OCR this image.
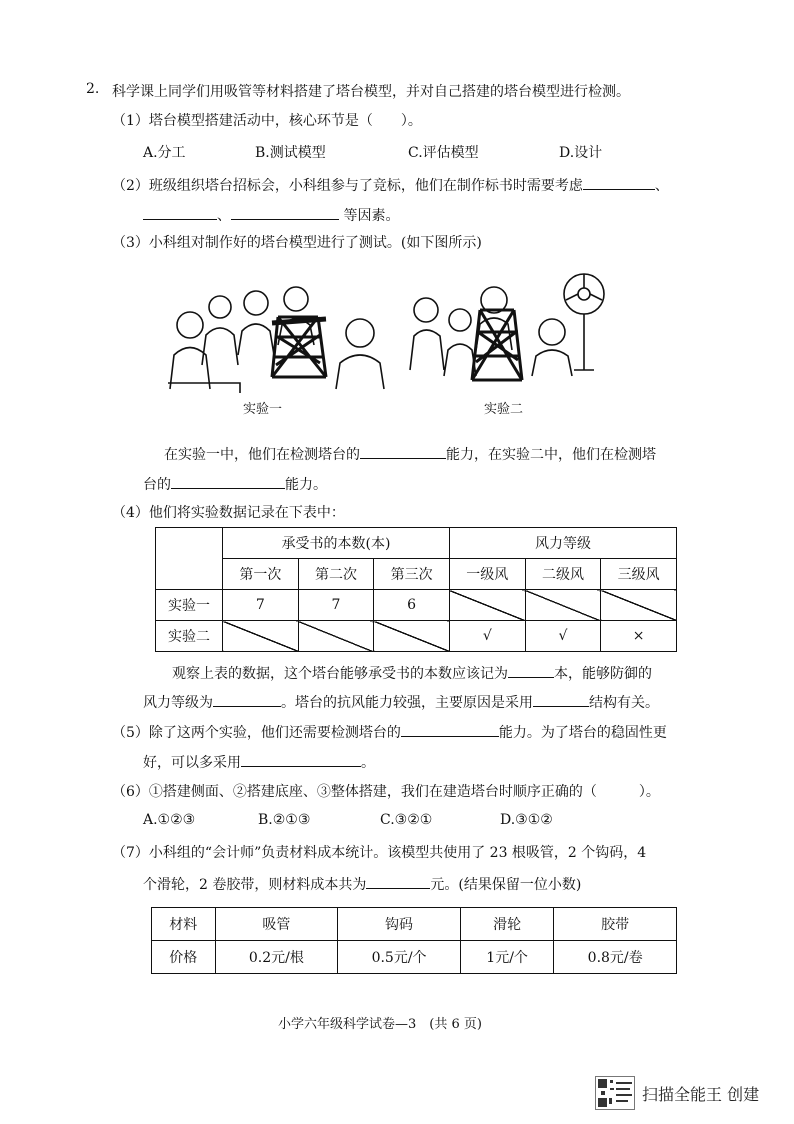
2. 科学课上同学们用吸管等材料搭建了塔台模型，并对自己搭建的塔台模型进行检测。
（1）塔台模型搭建活动中，核心环节是（　　）。
A.分工	B.测试模型	C.评估模型	D.设计
（2）班级组织塔台招标会，小科组参与了竞标，他们在制作标书时需要考虑	、
、	等因素。
（3）小科组对制作好的塔台模型进行了测试。(如下图所示)
实验一	实验二
在实验一中，他们在检测塔台的	能力，在实验二中，他们在检测塔
台的	能力。
（4）他们将实验数据记录在下表中：
	承受书的本数(本)			风力等级		
	第一次	第二次	第三次	一级风	二级风	三级风
实验一	7	7	6			
实验二				√	√	×
观察上表的数据，这个塔台能够承受书的本数应该记为	本，能够防御的
风力等级为	。塔台的抗风能力较强，主要原因是采用	结构有关。
（5）除了这两个实验，他们还需要检测塔台的	能力。为了塔台的稳固性更
好，可以多采用	。
（6）①搭建侧面、②搭建底座、③整体搭建，我们在建造塔台时顺序正确的（　　　）。
A.①②③	B.②①③	C.③②①	D.③①②
（7）小科组的“会计师”负责材料成本统计。该模型共使用了 23 根吸管，2 个钩码，4
个滑轮，2 卷胶带，则材料成本共为	元。(结果保留一位小数)
材料	吸管	钩码	滑轮	胶带
价格	0.2元/根	0.5元/个	1元/个	0.8元/卷
小学六年级科学试卷—3　(共 6 页)
扫描全能王 创建
